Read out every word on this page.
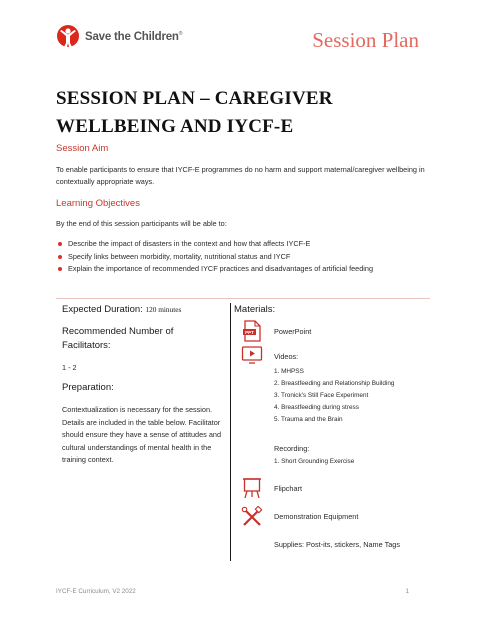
Save the Children®	Session Plan
SESSION PLAN – CAREGIVER
WELLBEING AND IYCF-E
Session Aim

To enable participants to ensure that IYCF-E programmes do no harm and support maternal/caregiver wellbeing in contextually appropriate ways.

Learning Objectives

By the end of this session participants will be able to:

Describe the impact of disasters in the context and how that affects IYCF-E
Specify links between morbidity, mortality, nutritional status and IYCF
Explain the importance of recommended IYCF practices and disadvantages of artificial feeding
Expected Duration: 120 minutes
Recommended Number of
Facilitators:
1 - 2
Preparation:

Contextualization is necessary for the session. Details are included in the table below. Facilitator should ensure they have a sense of attitudes and cultural understandings of mental health in the training context.

Materials:
PPT	PowerPoint
Videos:
1. MHPSS
2. Breastfeeding and Relationship Building
3. Tronick's Still Face Experiment
4. Breastfeeding during stress
5. Trauma and the Brain
Recording:
1. Short Grounding Exercise
Flipchart
Demonstration Equipment
Supplies: Post-its, stickers, Name Tags
IYCF-E Curriculum, V2 2022	1
